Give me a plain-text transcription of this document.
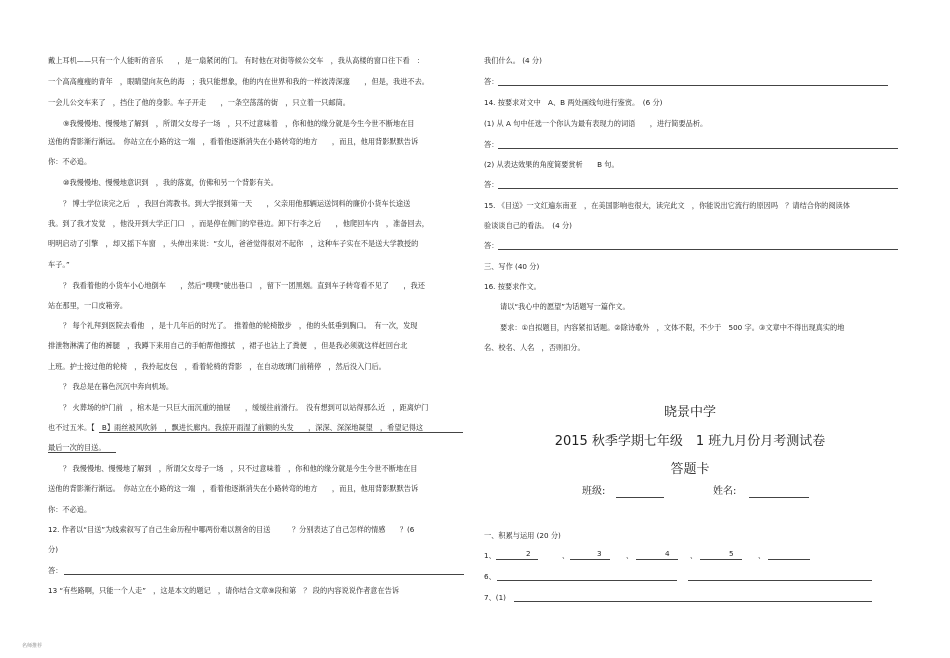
戴上耳机——只有一个人能听的音乐　　，是一扇紧闭的门。 有时他在对街等候公交车　，我从高楼的窗口往下看　：
一个高高瘦瘦的青年　，眼睛望向灰色的海　；我只能想象，他的内在世界和我的一样波涛深邃　　，但是，我进不去。
一会儿公交车来了　，挡住了他的身影。车子开走　　，一条空荡荡的街　，只立着一只邮筒。
⑨我慢慢地、慢慢地了解到　，所谓父女母子一场　，只不过意味着　，你和他的缘分就是今生今世不断地在目
送他的背影渐行渐远。　你站立在小路的这一端　，看着他逐渐消失在小路转弯的地方　　，而且，他用背影默默告诉
你：不必追。
⑩我慢慢地、慢慢地意识到　，我的落寞，仿佛和另一个背影有关。
？ 博士学位读完之后　，我回台湾教书。到大学报到第一天　　，父亲用他那辆运送饲料的廉价小货车长途送
我。到了我才发觉　，他没开到大学正门口　，而是停在侧门的窄巷边。卸下行李之后　　，他爬回车内　，准备回去，
明明启动了引擎　，却又摇下车窗　，头伸出来说：“女儿，爸爸觉得很对不起你　，这种车子实在不是送大学教授的
车子。”
？ 我看着他的小货车小心地倒车　　，然后“噗噗”驶出巷口　，留下一团黑烟。直到车子转弯看不见了　　，我还
站在那里，一口皮箱旁。
？ 每个礼拜到医院去看他　，是十几年后的时光了。　推着他的轮椅散步　，他的头低垂到胸口。　有一次，发现
排泄物淋满了他的裤腿　，我蹲下来用自己的手帕帮他擦拭　，裙子也沾上了粪便　，但是我必须就这样赶回台北
上班。护士接过他的轮椅　，我拎起皮包　，看着轮椅的背影　，在自动玻璃门前稍停　，然后没入门后。
？ 我总是在暮色沉沉中奔向机场。
？ 火葬场的炉门前　，棺木是一只巨大而沉重的抽屉　　，缓缓往前滑行。　没有想到可以站得那么近　，距离炉门
也不过五米。【　B】雨丝被风吹斜　，飘进长廊内。我掠开雨湿了前额的头发　　，深深、深深地凝望　，希望记得这
最后一次的目送。
？ 我慢慢地、慢慢地了解到　，所谓父女母子一场　，只不过意味着　，你和他的缘分就是今生今世不断地在目
送他的背影渐行渐远。　你站立在小路的这一端　，看着他逐渐消失在小路转弯的地方　　，而且，他用背影默默告诉
你：不必追。
12. 作者以“目送”为线索叙写了自己生命历程中哪两份难以割舍的目送　　　？分别表达了自己怎样的情感　　？(6
分)
答：
13 “有些路啊，只能一个人走”　，这是本文的题记　，请你结合文章⑨段和第　？ 段的内容说说作者意在告诉
名师推荐
我们什么。 (4 分)
答：
14. 按要求对文中　A、B 两处画线句进行鉴赏。　(6 分)
(1) 从 A 句中任选一个你认为最有表现力的词语　　，进行简要品析。
答：
(2) 从表达效果的角度简要赏析　　B 句。
答：
15. 《目送》一文红遍东南亚　，在美国影响也很大，读完此文　，你能说出它流行的原因吗　？请结合你的阅读体
验谈谈自己的看法。　(4 分)
答：
三、写作 (40 分)
16. 按要求作文。
请以“我心中的愿望”为话题写一篇作文。
要求：①自拟题目，内容紧扣话题。②除诗歌外　，文体不限，不少于　500 字。③文章中不得出现真实的地
名、校名、人名　，否则扣分。
晓景中学
2015 秋季学期七年级　1 班九月份月考测试卷
答题卡
班级:	姓名:
一、积累与运用 (20 分)
1、	、
2	3	、	4	、	5	、
6、
7、(1)
